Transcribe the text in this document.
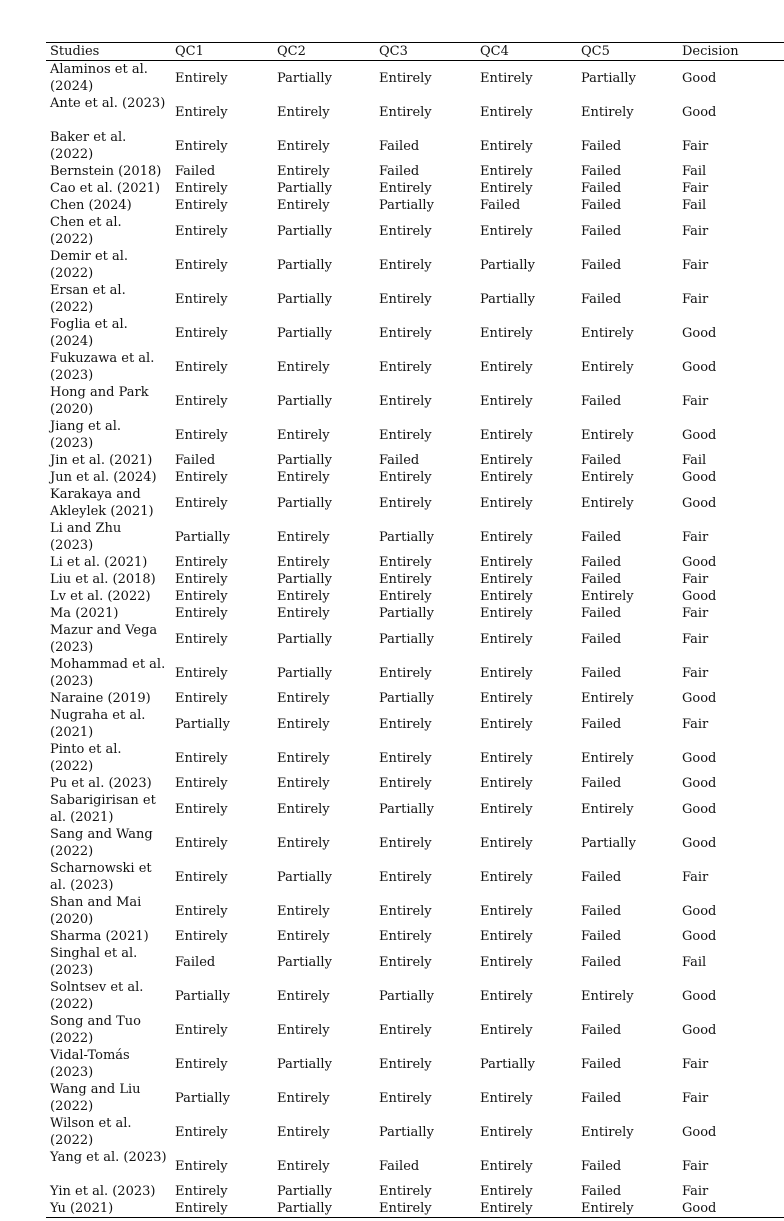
Studies	QC1	QC2	QC3	QC4	QC5	Decision
Alaminos et al. (2024)	Entirely	Partially	Entirely	Entirely	Partially	Good
Ante et al. (2023)	Entirely	Entirely	Entirely	Entirely	Entirely	Good
Baker et al. (2022)	Entirely	Entirely	Failed	Entirely	Failed	Fair
Bernstein (2018)	Failed	Entirely	Failed	Entirely	Failed	Fail
Cao et al. (2021)	Entirely	Partially	Entirely	Entirely	Failed	Fair
Chen (2024)	Entirely	Entirely	Partially	Failed	Failed	Fail
Chen et al. (2022)	Entirely	Partially	Entirely	Entirely	Failed	Fair
Demir et al. (2022)	Entirely	Partially	Entirely	Partially	Failed	Fair
Ersan et al. (2022)	Entirely	Partially	Entirely	Partially	Failed	Fair
Foglia et al. (2024)	Entirely	Partially	Entirely	Entirely	Entirely	Good
Fukuzawa et al. (2023)	Entirely	Entirely	Entirely	Entirely	Entirely	Good
Hong and Park (2020)	Entirely	Partially	Entirely	Entirely	Failed	Fair
Jiang et al. (2023)	Entirely	Entirely	Entirely	Entirely	Entirely	Good
Jin et al. (2021)	Failed	Partially	Failed	Entirely	Failed	Fail
Jun et al. (2024)	Entirely	Entirely	Entirely	Entirely	Entirely	Good
Karakaya and Akleylek (2021)	Entirely	Partially	Entirely	Entirely	Entirely	Good
Li and Zhu (2023)	Partially	Entirely	Partially	Entirely	Failed	Fair
Li et al. (2021)	Entirely	Entirely	Entirely	Entirely	Failed	Good
Liu et al. (2018)	Entirely	Partially	Entirely	Entirely	Failed	Fair
Lv et al. (2022)	Entirely	Entirely	Entirely	Entirely	Entirely	Good
Ma (2021)	Entirely	Entirely	Partially	Entirely	Failed	Fair
Mazur and Vega (2023)	Entirely	Partially	Partially	Entirely	Failed	Fair
Mohammad et al. (2023)	Entirely	Partially	Entirely	Entirely	Failed	Fair
Naraine (2019)	Entirely	Entirely	Partially	Entirely	Entirely	Good
Nugraha et al. (2021)	Partially	Entirely	Entirely	Entirely	Failed	Fair
Pinto et al. (2022)	Entirely	Entirely	Entirely	Entirely	Entirely	Good
Pu et al. (2023)	Entirely	Entirely	Entirely	Entirely	Failed	Good
Sabarigirisan et al. (2021)	Entirely	Entirely	Partially	Entirely	Entirely	Good
Sang and Wang (2022)	Entirely	Entirely	Entirely	Entirely	Partially	Good
Scharnowski et al. (2023)	Entirely	Partially	Entirely	Entirely	Failed	Fair
Shan and Mai (2020)	Entirely	Entirely	Entirely	Entirely	Failed	Good
Sharma (2021)	Entirely	Entirely	Entirely	Entirely	Failed	Good
Singhal et al. (2023)	Failed	Partially	Entirely	Entirely	Failed	Fail
Solntsev et al. (2022)	Partially	Entirely	Partially	Entirely	Entirely	Good
Song and Tuo (2022)	Entirely	Entirely	Entirely	Entirely	Failed	Good
Vidal-Tomás (2023)	Entirely	Partially	Entirely	Partially	Failed	Fair
Wang and Liu (2022)	Partially	Entirely	Entirely	Entirely	Failed	Fair
Wilson et al. (2022)	Entirely	Entirely	Partially	Entirely	Entirely	Good
Yang et al. (2023)	Entirely	Entirely	Failed	Entirely	Failed	Fair
Yin et al. (2023)	Entirely	Partially	Entirely	Entirely	Failed	Fair
Yu (2021)	Entirely	Partially	Entirely	Entirely	Entirely	Good
